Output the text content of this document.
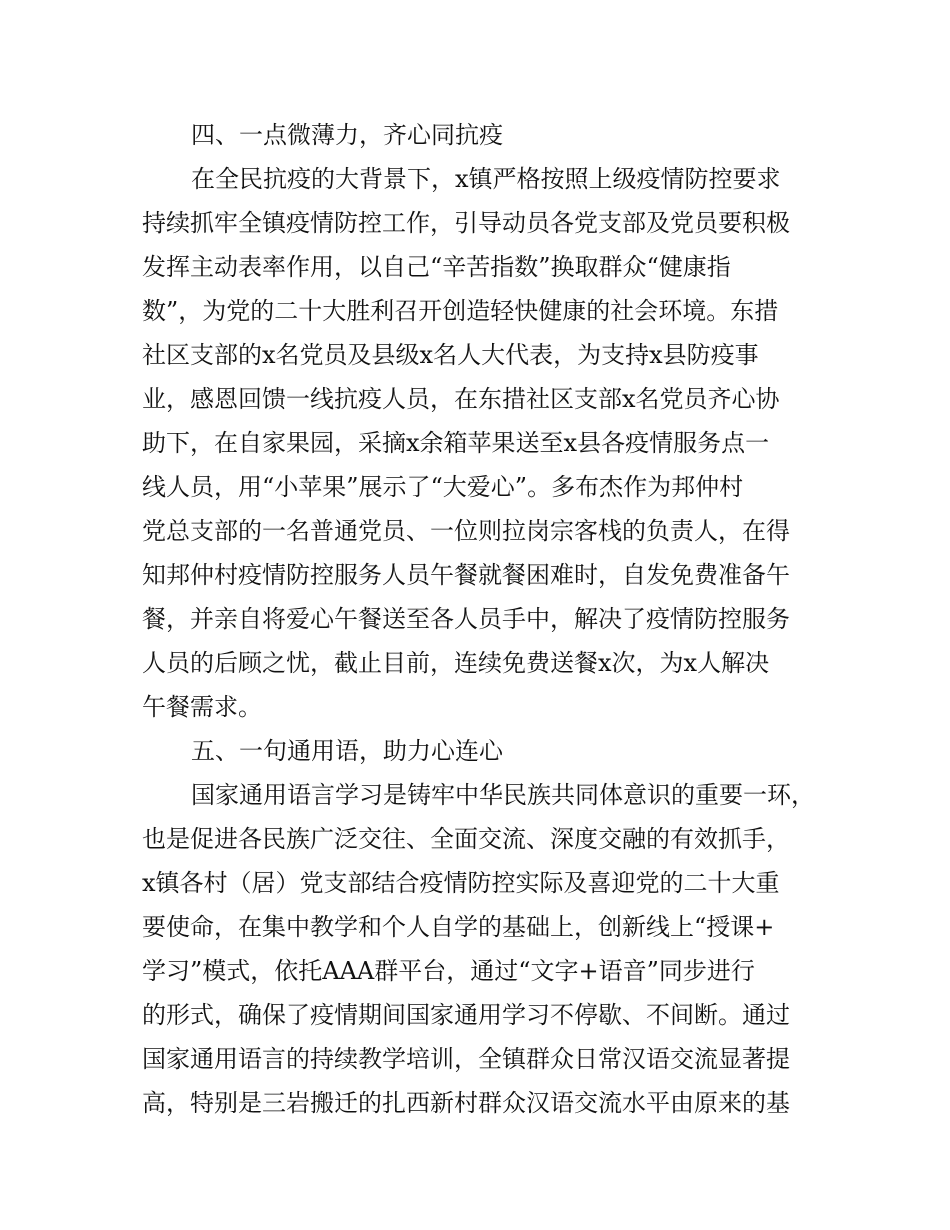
四、一点微薄力，齐心同抗疫
在全民抗疫的大背景下，x镇严格按照上级疫情防控要求
持续抓牢全镇疫情防控工作，引导动员各党支部及党员要积极
发挥主动表率作用，以自己“辛苦指数”换取群众“健康指
数”，为党的二十大胜利召开创造轻快健康的社会环境。东措
社区支部的x名党员及县级x名人大代表，为支持x县防疫事
业，感恩回馈一线抗疫人员，在东措社区支部x名党员齐心协
助下，在自家果园，采摘x余箱苹果送至x县各疫情服务点一
线人员，用“小苹果”展示了“大爱心”。多布杰作为邦仲村
党总支部的一名普通党员、一位则拉岗宗客栈的负责人，在得
知邦仲村疫情防控服务人员午餐就餐困难时，自发免费准备午
餐，并亲自将爱心午餐送至各人员手中，解决了疫情防控服务
人员的后顾之忧，截止目前，连续免费送餐x次，为x人解决
午餐需求。
五、一句通用语，助力心连心
国家通用语言学习是铸牢中华民族共同体意识的重要一环，
也是促进各民族广泛交往、全面交流、深度交融的有效抓手，
x镇各村（居）党支部结合疫情防控实际及喜迎党的二十大重
要使命，在集中教学和个人自学的基础上，创新线上“授课+
学习”模式，依托AAA群平台，通过“文字+语音”同步进行
的形式，确保了疫情期间国家通用学习不停歇、不间断。通过
国家通用语言的持续教学培训，全镇群众日常汉语交流显著提
高，特别是三岩搬迁的扎西新村群众汉语交流水平由原来的基
